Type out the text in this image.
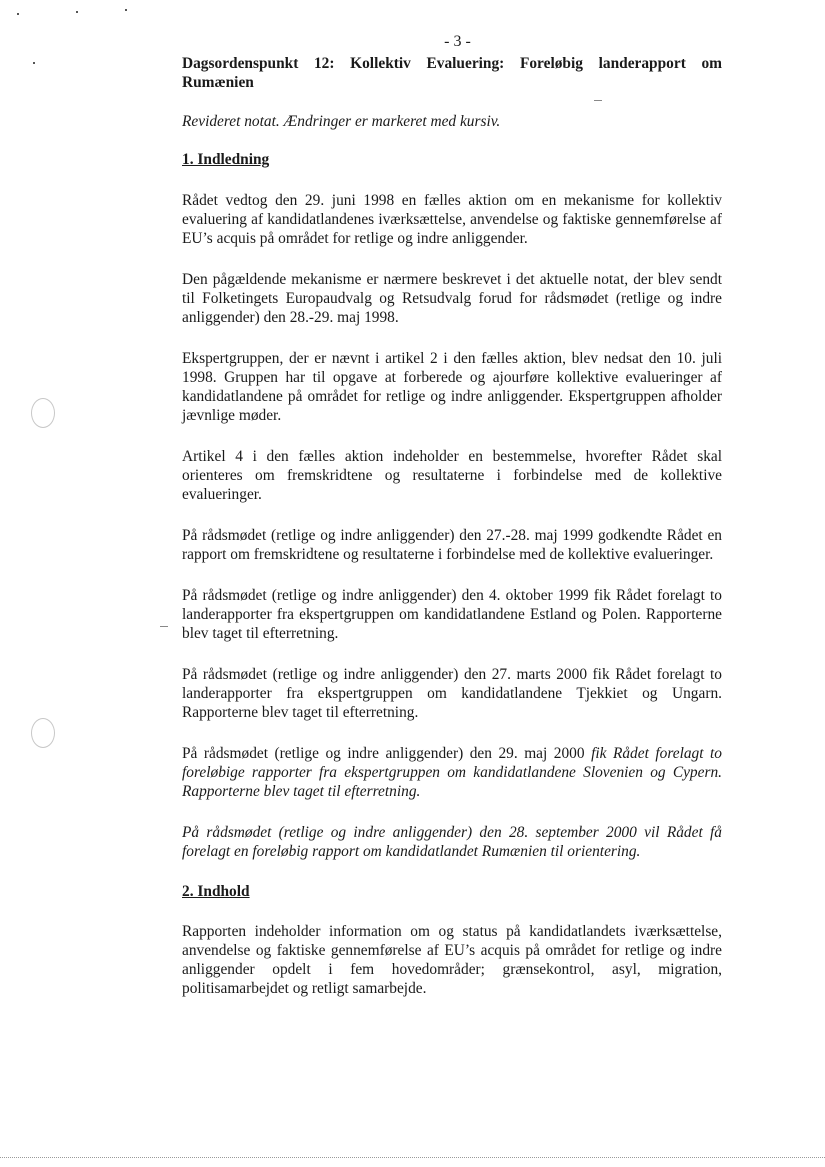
- 3 -

Dagsordenspunkt 12: Kollektiv Evaluering: Foreløbig landerapport om Rumænien

Revideret notat. Ændringer er markeret med kursiv.

1. Indledning

Rådet vedtog den 29. juni 1998 en fælles aktion om en mekanisme for kollektiv evaluering af kandidatlandenes iværksættelse, anvendelse og faktiske gennemførelse af EU’s acquis på området for retlige og indre anliggender.

Den pågældende mekanisme er nærmere beskrevet i det aktuelle notat, der blev sendt til Folketingets Europaudvalg og Retsudvalg forud for rådsmødet (retlige og indre anliggender) den 28.-29. maj 1998.

Ekspertgruppen, der er nævnt i artikel 2 i den fælles aktion, blev nedsat den 10. juli 1998. Gruppen har til opgave at forberede og ajourføre kollektive evalueringer af kandidatlandene på området for retlige og indre anliggender. Ekspertgruppen afholder jævnlige møder.

Artikel 4 i den fælles aktion indeholder en bestemmelse, hvorefter Rådet skal orienteres om fremskridtene og resultaterne i forbindelse med de kollektive evalueringer.

På rådsmødet (retlige og indre anliggender) den 27.-28. maj 1999 godkendte Rådet en rapport om fremskridtene og resultaterne i forbindelse med de kollektive evalueringer.

På rådsmødet (retlige og indre anliggender) den 4. oktober 1999 fik Rådet forelagt to landerapporter fra ekspertgruppen om kandidatlandene Estland og Polen. Rapporterne blev taget til efterretning.

På rådsmødet (retlige og indre anliggender) den 27. marts 2000 fik Rådet forelagt to landerapporter fra ekspertgruppen om kandidatlandene Tjekkiet og Ungarn. Rapporterne blev taget til efterretning.

På rådsmødet (retlige og indre anliggender) den 29. maj 2000 fik Rådet forelagt to foreløbige rapporter fra ekspertgruppen om kandidatlandene Slovenien og Cypern. Rapporterne blev taget til efterretning.

På rådsmødet (retlige og indre anliggender) den 28. september 2000 vil Rådet få forelagt en foreløbig rapport om kandidatlandet Rumænien til orientering.

2. Indhold

Rapporten indeholder information om og status på kandidatlandets iværksættelse, anvendelse og faktiske gennemførelse af EU’s acquis på området for retlige og indre anliggender opdelt i fem hovedområder; grænsekontrol, asyl, migration, politisamarbejdet og retligt samarbejde.
